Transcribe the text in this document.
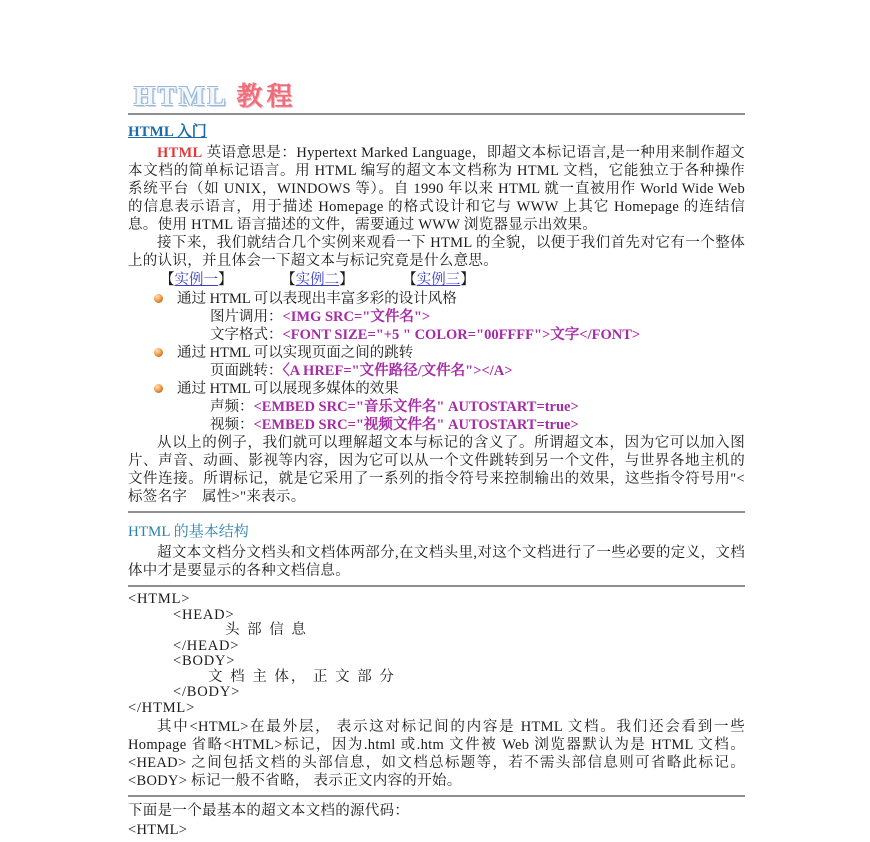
HTML 教程
HTML 入门

HTML 英语意思是：Hypertext Marked Language，即超文本标记语言,是一种用来制作超文本文档的简单标记语言。用 HTML 编写的超文本文档称为 HTML 文档，它能独立于各种操作系统平台（如 UNIX，WINDOWS 等）。自 1990 年以来 HTML 就一直被用作 World Wide Web 的信息表示语言，用于描述 Homepage 的格式设计和它与 WWW 上其它 Homepage 的连结信息。使用 HTML 语言描述的文件，需要通过 WWW 浏览器显示出效果。

接下来，我们就结合几个实例来观看一下 HTML 的全貌，以便于我们首先对它有一个整体上的认识，并且体会一下超文本与标记究竟是什么意思。

【实例一】	【实例二】	【实例三】
通过 HTML 可以表现出丰富多彩的设计风格
图片调用：<IMG SRC="文件名">
文字格式：<FONT SIZE="+5 " COLOR="00FFFF">文字</FONT>
通过 HTML 可以实现页面之间的跳转
页面跳转：〈A HREF="文件路径/文件名"></A>
通过 HTML 可以展现多媒体的效果
声频：<EMBED SRC="音乐文件名" AUTOSTART=true>
视频：<EMBED SRC="视频文件名" AUTOSTART=true>

从以上的例子，我们就可以理解超文本与标记的含义了。所谓超文本，因为它可以加入图片、声音、动画、影视等内容，因为它可以从一个文件跳转到另一个文件，与世界各地主机的文件连接。所谓标记，就是它采用了一系列的指令符号来控制输出的效果，这些指令符号用"<标签名字　属性>"来表示。

HTML 的基本结构

超文本文档分文档头和文档体两部分,在文档头里,对这个文档进行了一些必要的定义，文档体中才是要显示的各种文档信息。

<HTML>
<HEAD>
头 部 信 息
</HEAD>
<BODY>
文 档 主 体， 正 文 部 分
</BODY>
</HTML>

其中<HTML>在最外层， 表示这对标记间的内容是 HTML 文档。我们还会看到一些 Hompage 省略<HTML>标记，因为.html 或.htm 文件被 Web 浏览器默认为是 HTML 文档。<HEAD> 之间包括文档的头部信息，如文档总标题等，若不需头部信息则可省略此标记。<BODY> 标记一般不省略， 表示正文内容的开始。

下面是一个最基本的超文本文档的源代码：

<HTML>
